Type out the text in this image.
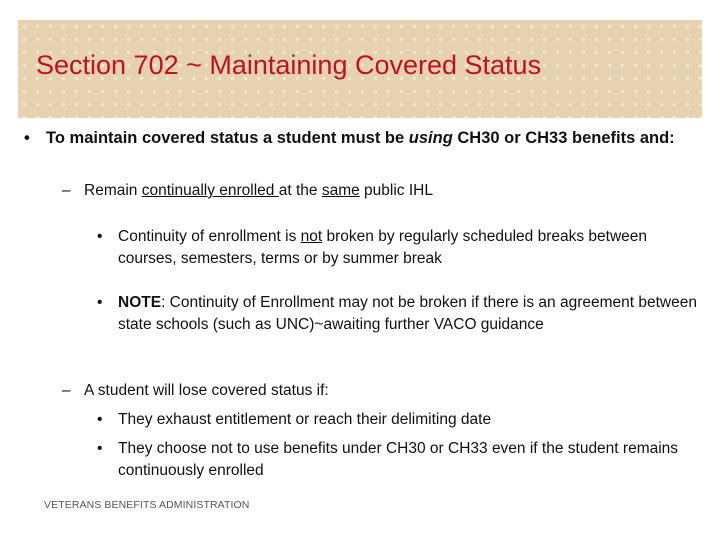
Section 702 ~ Maintaining Covered Status
• To maintain covered status a student must be using CH30 or CH33 benefits and:
– Remain continually enrolled at the same public IHL
• Continuity of enrollment is not broken by regularly scheduled breaks between courses, semesters, terms or by summer break
• NOTE: Continuity of Enrollment may not be broken if there is an agreement between state schools (such as UNC)~awaiting further VACO guidance
– A student will lose covered status if:
• They exhaust entitlement or reach their delimiting date
• They choose not to use benefits under CH30 or CH33 even if the student remains continuously enrolled
VETERANS BENEFITS ADMINISTRATION
